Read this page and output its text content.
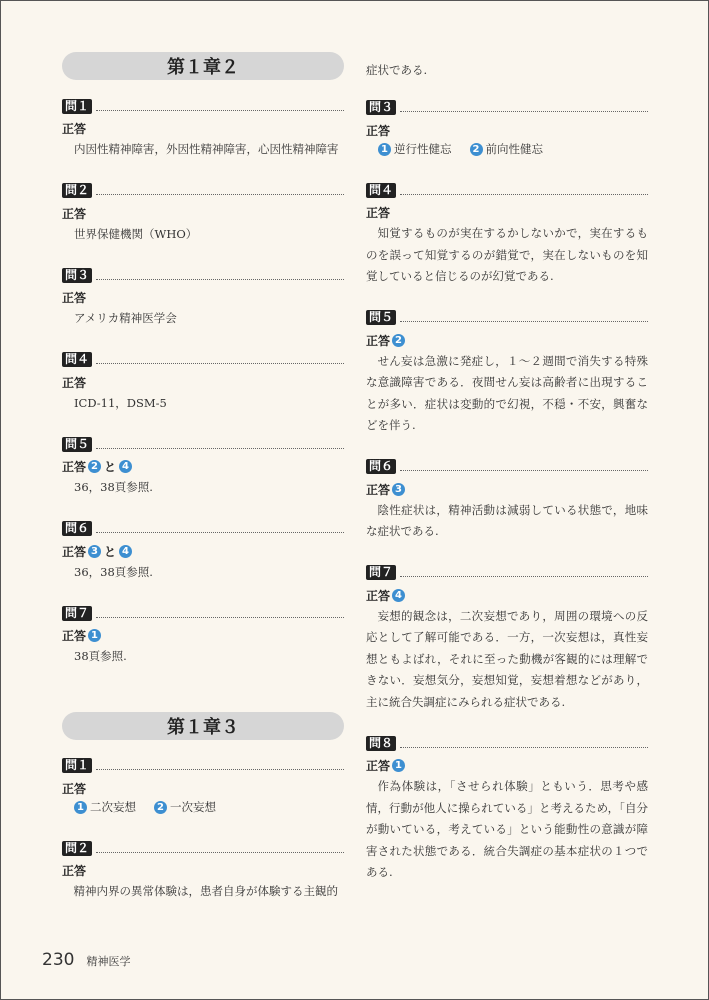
第１章２
問１
正答
内因性精神障害，外因性精神障害，心因性精神障害
問２
正答
世界保健機関（WHO）
問３
正答
アメリカ精神医学会
問４
正答
ICD-11，DSM-5
問５
正答 2 と 4
36，38頁参照.
問６
正答 3 と 4
36，38頁参照.
問７
正答 1
38頁参照.
第１章３
問１
正答
1 二次妄想	2 一次妄想
問２
正答
精神内界の異常体験は，患者自身が体験する主観的
症状である.
問３
正答
1 逆行性健忘	2 前向性健忘
問４
正答
知覚するものが実在するかしないかで，実在するものを誤って知覚するのが錯覚で，実在しないものを知覚していると信じるのが幻覚である.
問５
正答 2
せん妄は急激に発症し，１～２週間で消失する特殊な意識障害である．夜間せん妄は高齢者に出現することが多い．症状は変動的で幻視，不穏・不安，興奮などを伴う.
問６
正答 3
陰性症状は，精神活動は減弱している状態で，地味な症状である.
問７
正答 4
妄想的観念は，二次妄想であり，周囲の環境への反応として了解可能である．一方，一次妄想は，真性妄想ともよばれ，それに至った動機が客観的には理解できない．妄想気分，妄想知覚，妄想着想などがあり，主に統合失調症にみられる症状である.
問８
正答 1
作為体験は，「させられ体験」ともいう．思考や感情，行動が他人に操られている」と考えるため，「自分が動いている，考えている」という能動性の意識が障害された状態である．統合失調症の基本症状の１つである.
230 精神医学
